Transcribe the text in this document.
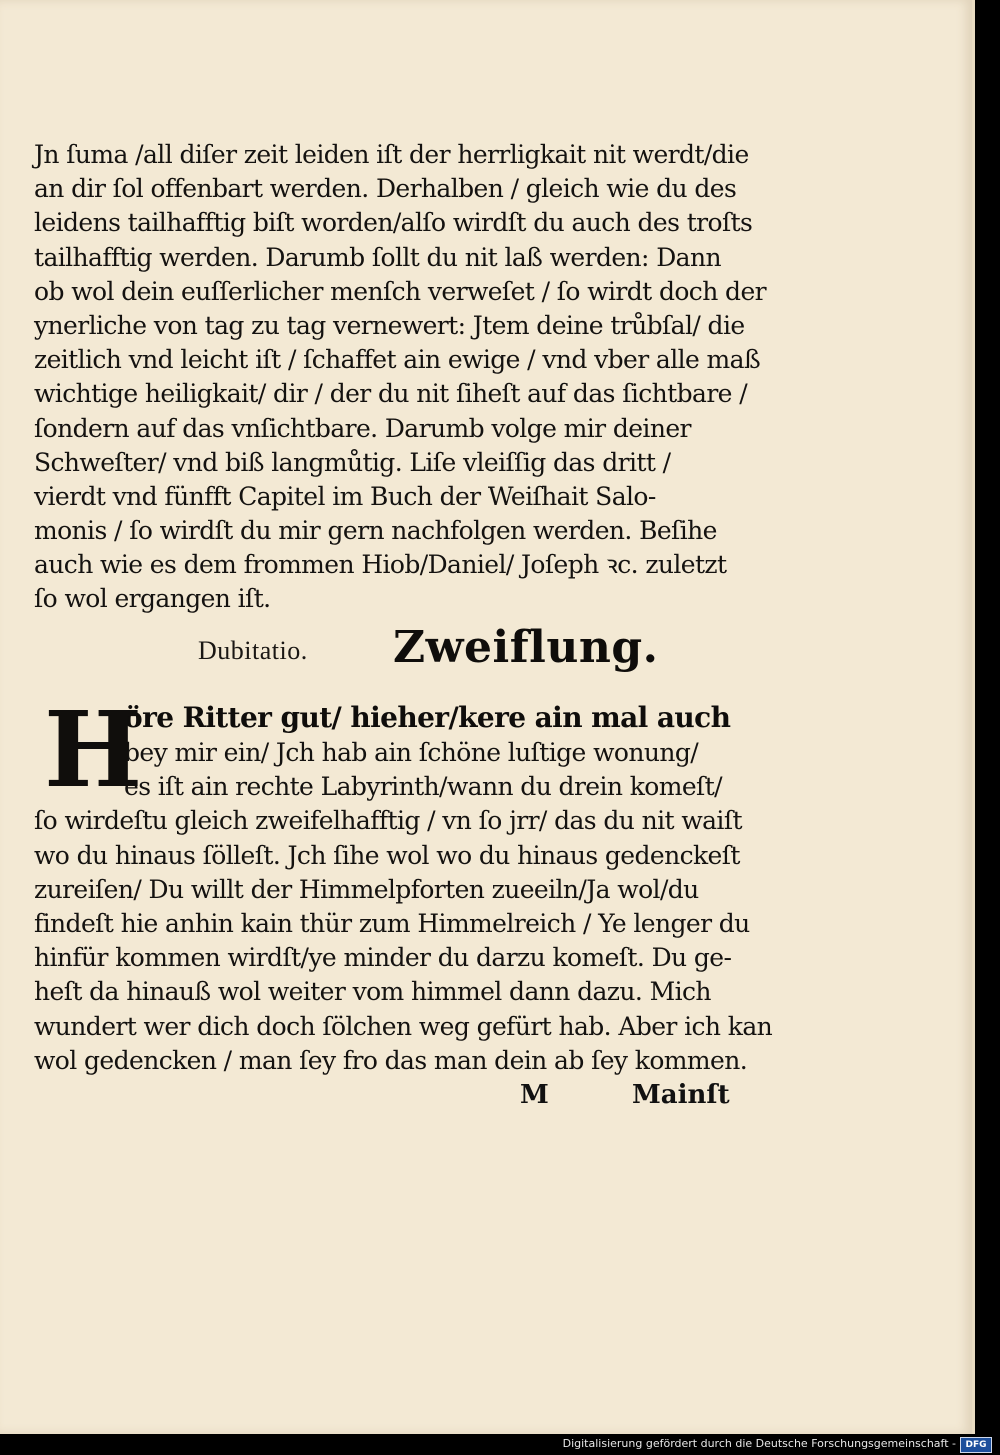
Jn ſuma /all diſer zeit leiden iſt der herrligkait nit werdt/die
an dir ſol offenbart werden. Derhalben / gleich wie du des
leidens tailhafftig biſt worden/alſo wirdſt du auch des troſts
tailhafftig werden. Darumb ſollt du nit laß werden: Dann
ob wol dein euſſerlicher menſch verweſet / ſo wirdt doch der
ynerliche von tag zu tag vernewert: Jtem deine trůbſal/ die
zeitlich vnd leicht iſt / ſchaffet ain ewige / vnd vber alle maß
wichtige heiligkait/ dir / der du nit ſiheſt auf das ſichtbare /
ſondern auf das vnſichtbare. Darumb volge mir deiner
Schweſter/ vnd biß langmůtig. Liſe vleiſſig das dritt /
vierdt vnd fünfft Capitel im Buch der Weiſhait Salo-
monis / ſo wirdſt du mir gern nachfolgen werden. Beſihe
auch wie es dem frommen Hiob/Daniel/ Joſeph ꝛc. zuletzt
ſo wol ergangen iſt.
Dubitatio. Zweiflung.
H
öre Ritter gut/ hieher/kere ain mal auch
bey mir ein/ Jch hab ain ſchöne luſtige wonung/
es iſt ain rechte Labyrinth/wann du drein komeſt/
ſo wirdeſtu gleich zweifelhafftig / vn ſo jrr/ das du nit waiſt
wo du hinaus ſölleſt. Jch ſihe wol wo du hinaus gedenckeſt
zureiſen/ Du willt der Himmelpforten zueeiln/Ja wol/du
findeſt hie anhin kain thür zum Himmelreich / Ye lenger du
hinfür kommen wirdſt/ye minder du darzu komeſt. Du ge-
heſt da hinauß wol weiter vom himmel dann dazu. Mich
wundert wer dich doch ſölchen weg gefürt hab. Aber ich kan
wol gedencken / man ſey fro das man dein ab ſey kommen.
M	Mainſt
Digitalisierung gefördert durch die Deutsche Forschungsgemeinschaft -	DFG
